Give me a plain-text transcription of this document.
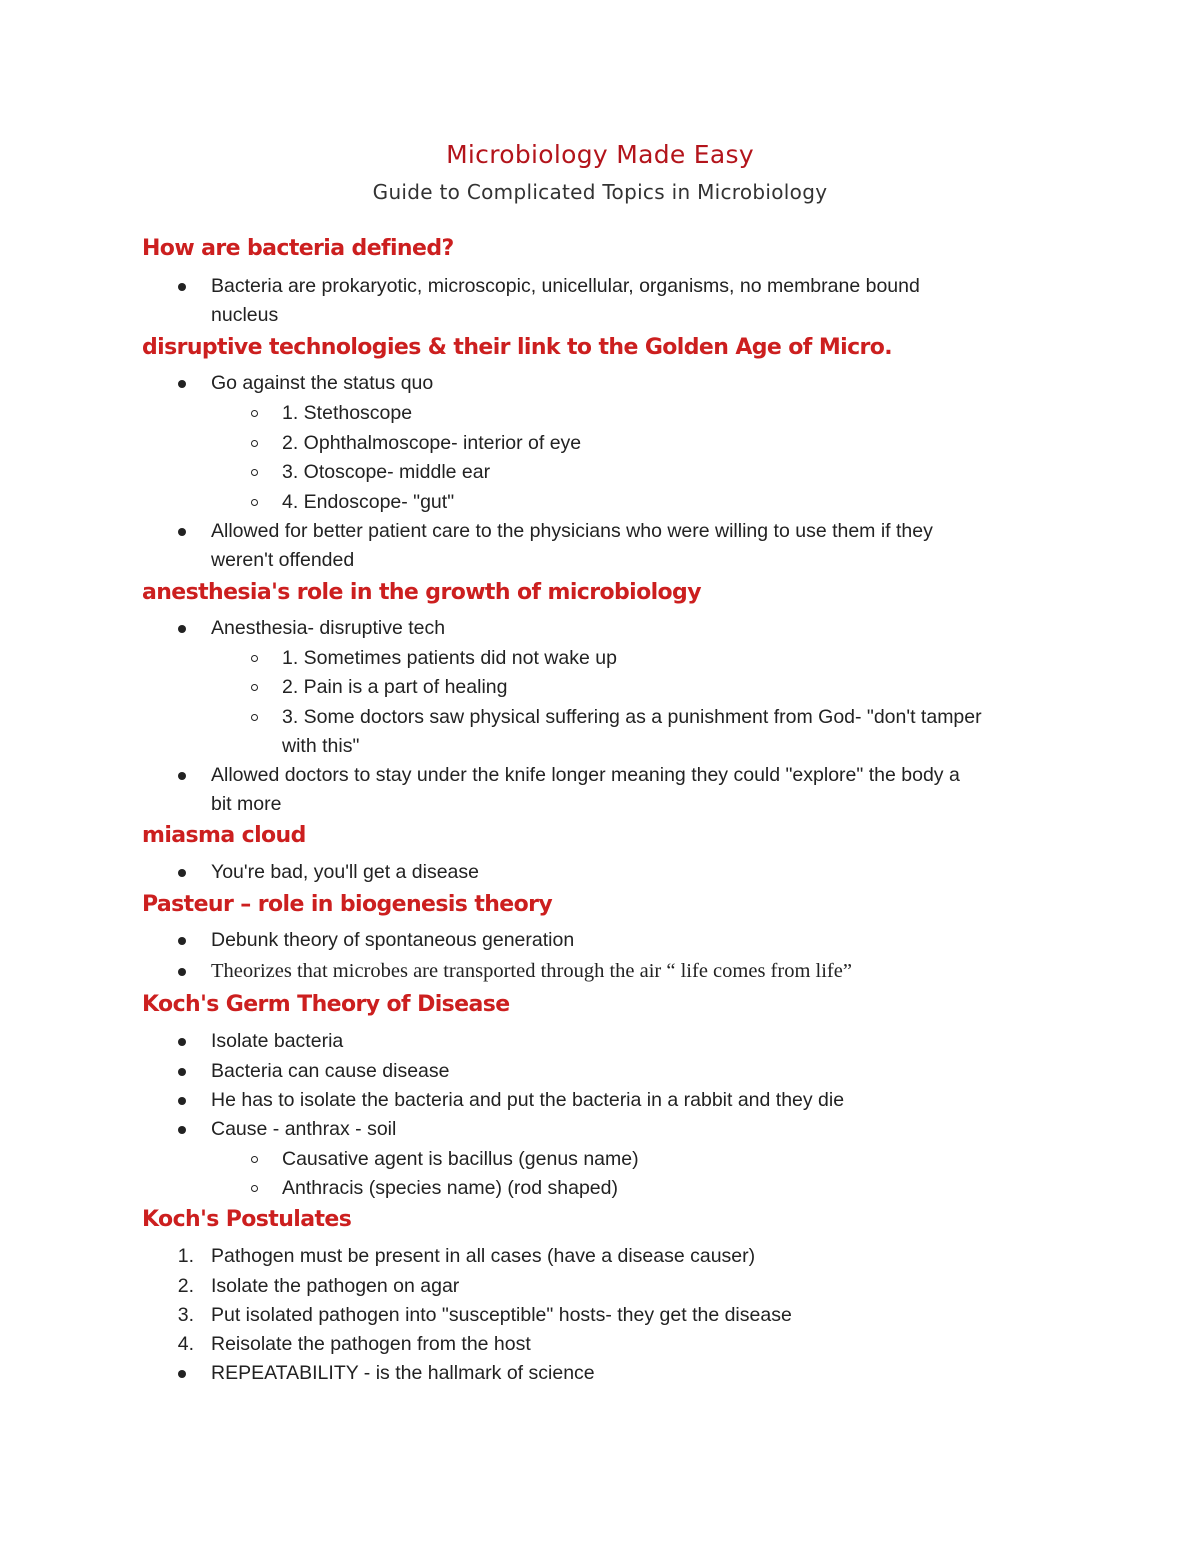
Microbiology Made Easy
Guide to Complicated Topics in Microbiology
How are bacteria defined?
Bacteria are prokaryotic, microscopic, unicellular, organisms, no membrane bound
nucleus
disruptive technologies & their link to the Golden Age of Micro.
Go against the status quo
1. Stethoscope
2. Ophthalmoscope- interior of eye
3. Otoscope- middle ear
4. Endoscope- "gut"
Allowed for better patient care to the physicians who were willing to use them if they
weren't offended
anesthesia's role in the growth of microbiology
Anesthesia- disruptive tech
1. Sometimes patients did not wake up
2. Pain is a part of healing
3. Some doctors saw physical suffering as a punishment from God- "don't tamper
with this"
Allowed doctors to stay under the knife longer meaning they could "explore" the body a
bit more
miasma cloud
You're bad, you'll get a disease
Pasteur – role in biogenesis theory
Debunk theory of spontaneous generation
Theorizes that microbes are transported through the air “ life comes from life”
Koch's Germ Theory of Disease
Isolate bacteria
Bacteria can cause disease
He has to isolate the bacteria and put the bacteria in a rabbit and they die
Cause - anthrax - soil
Causative agent is bacillus (genus name)
Anthracis (species name) (rod shaped)
Koch's Postulates
1. Pathogen must be present in all cases (have a disease causer)
2. Isolate the pathogen on agar
3. Put isolated pathogen into "susceptible" hosts- they get the disease
4. Reisolate the pathogen from the host
REPEATABILITY - is the hallmark of science
